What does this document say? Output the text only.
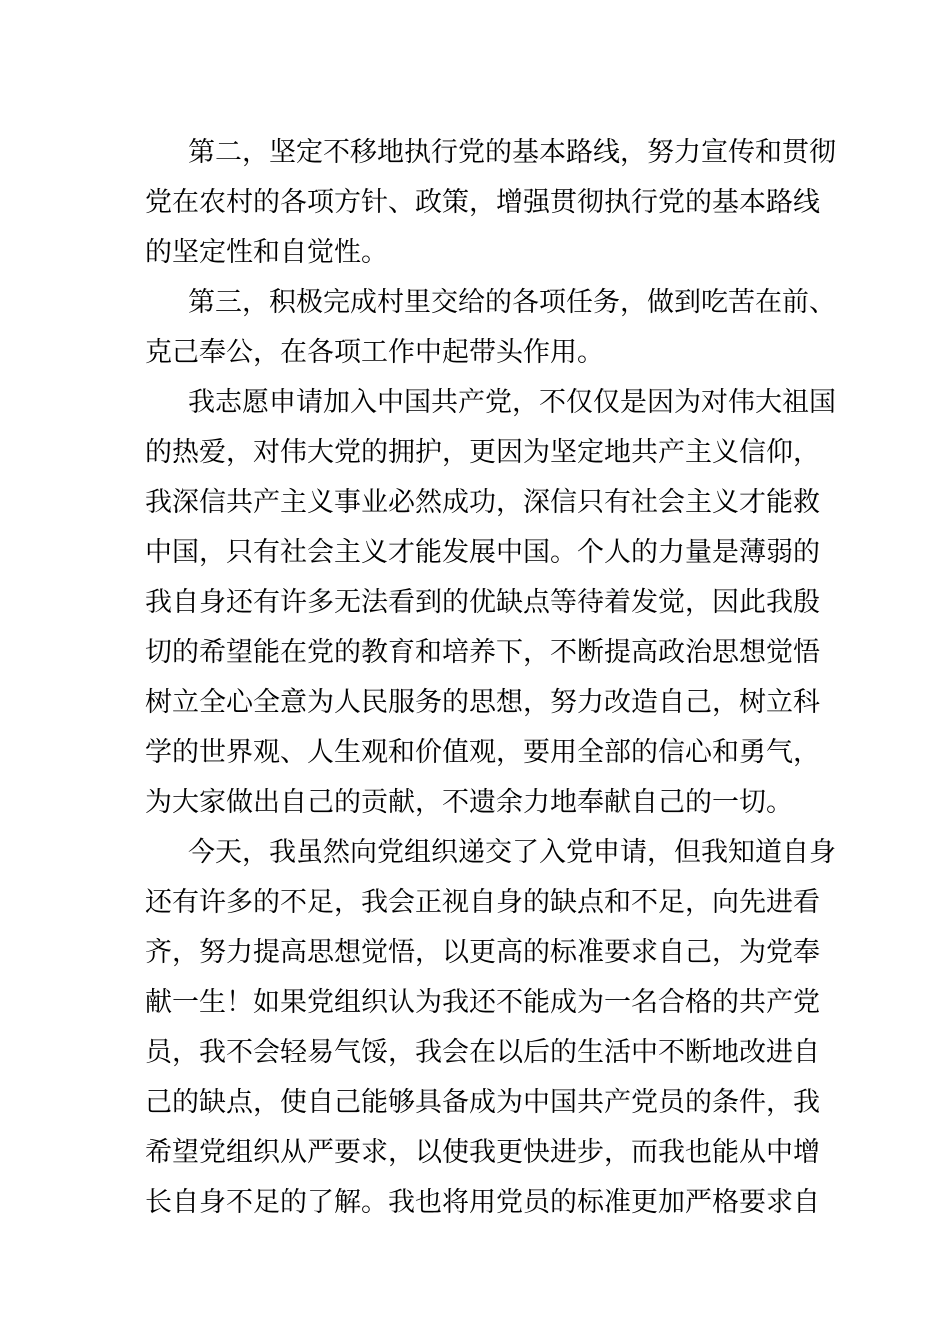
第二，坚定不移地执行党的基本路线，努力宣传和贯彻
党在农村的各项方针、政策，增强贯彻执行党的基本路线
的坚定性和自觉性。
第三，积极完成村里交给的各项任务，做到吃苦在前、
克己奉公，在各项工作中起带头作用。
我志愿申请加入中国共产党，不仅仅是因为对伟大祖国
的热爱，对伟大党的拥护，更因为坚定地共产主义信仰，
我深信共产主义事业必然成功，深信只有社会主义才能救
中国，只有社会主义才能发展中国。个人的力量是薄弱的
我自身还有许多无法看到的优缺点等待着发觉，因此我殷
切的希望能在党的教育和培养下，不断提高政治思想觉悟
树立全心全意为人民服务的思想，努力改造自己，树立科
学的世界观、人生观和价值观，要用全部的信心和勇气，
为大家做出自己的贡献，不遗余力地奉献自己的一切。
今天，我虽然向党组织递交了入党申请，但我知道自身
还有许多的不足，我会正视自身的缺点和不足，向先进看
齐，努力提高思想觉悟，以更高的标准要求自己，为党奉
献一生！如果党组织认为我还不能成为一名合格的共产党
员，我不会轻易气馁，我会在以后的生活中不断地改进自
己的缺点，使自己能够具备成为中国共产党员的条件，我
希望党组织从严要求，以使我更快进步，而我也能从中增
长自身不足的了解。我也将用党员的标准更加严格要求自
